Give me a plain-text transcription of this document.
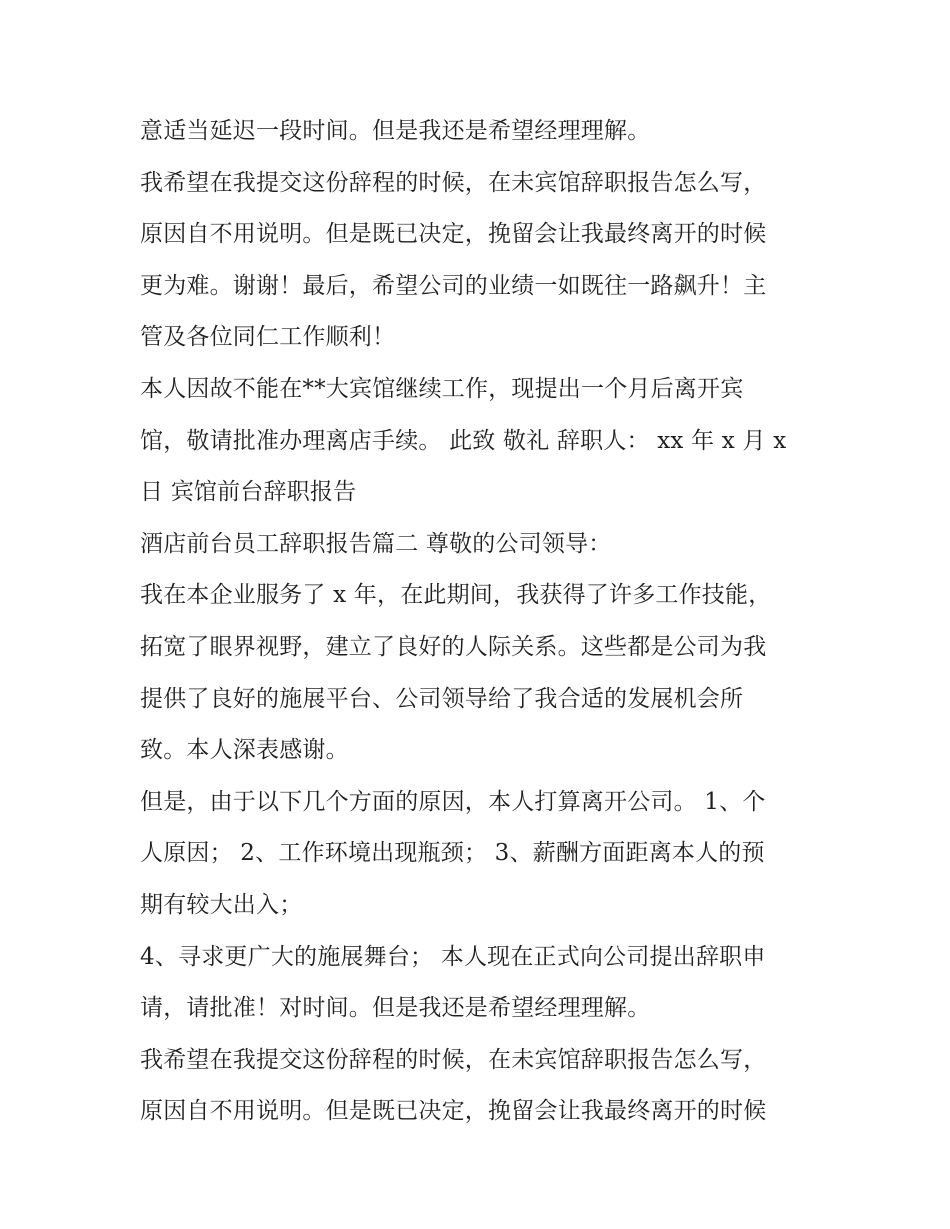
意适当延迟一段时间。但是我还是希望经理理解。
我希望在我提交这份辞程的时候，在未宾馆辞职报告怎么写，
原因自不用说明。但是既已决定，挽留会让我最终离开的时候
更为难。谢谢！最后，希望公司的业绩一如既往一路飙升！主
管及各位同仁工作顺利！
本人因故不能在**大宾馆继续工作，现提出一个月后离开宾
馆，敬请批准办理离店手续。 此致 敬礼 辞职人： xx 年 x 月 x
日 宾馆前台辞职报告
酒店前台员工辞职报告篇二 尊敬的公司领导：
我在本企业服务了 x 年，在此期间，我获得了许多工作技能，
拓宽了眼界视野，建立了良好的人际关系。这些都是公司为我
提供了良好的施展平台、公司领导给了我合适的发展机会所
致。本人深表感谢。
但是，由于以下几个方面的原因，本人打算离开公司。 1、个
人原因； 2、工作环境出现瓶颈； 3、薪酬方面距离本人的预
期有较大出入；
4、寻求更广大的施展舞台； 本人现在正式向公司提出辞职申
请，请批准！对时间。但是我还是希望经理理解。
我希望在我提交这份辞程的时候，在未宾馆辞职报告怎么写，
原因自不用说明。但是既已决定，挽留会让我最终离开的时候
